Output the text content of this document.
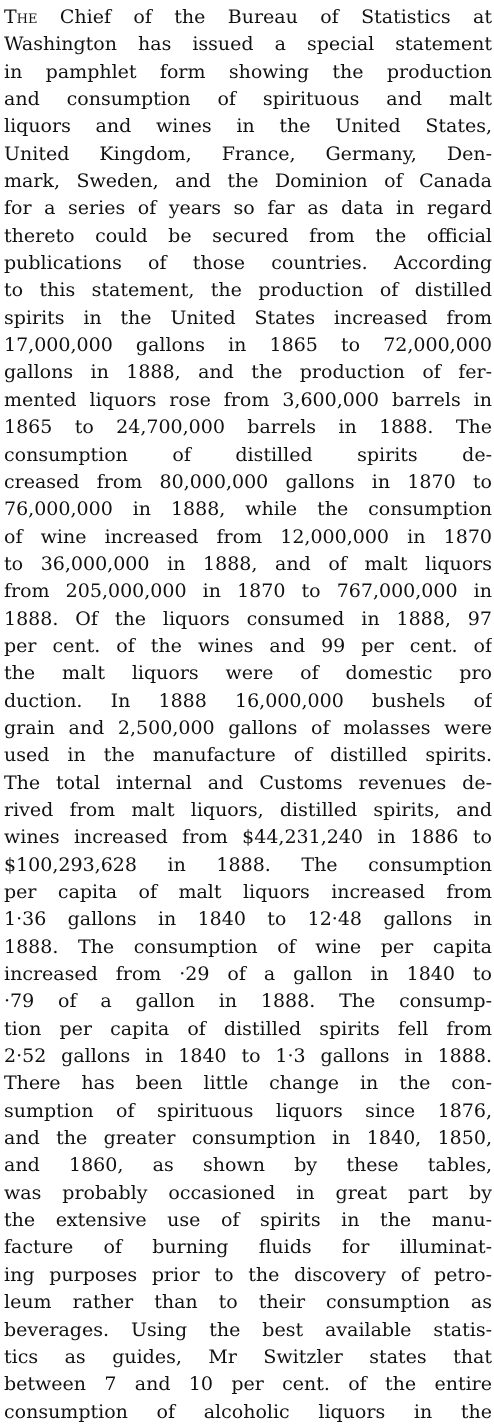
The Chief of the Bureau of Statistics at
Washington has issued a special statement
in pamphlet form showing the production
and consumption of spirituous and malt
liquors and wines in the United States,
United Kingdom, France, Germany, Den-
mark, Sweden, and the Dominion of Canada
for a series of years so far as data in regard
thereto could be secured from the official
publications of those countries. According
to this statement, the production of distilled
spirits in the United States increased from
17,000,000 gallons in 1865 to 72,000,000
gallons in 1888, and the production of fer-
mented liquors rose from 3,600,000 barrels in
1865 to 24,700,000 barrels in 1888. The
consumption of distilled spirits de-
creased from 80,000,000 gallons in 1870 to
76,000,000 in 1888, while the consumption
of wine increased from 12,000,000 in 1870
to 36,000,000 in 1888, and of malt liquors
from 205,000,000 in 1870 to 767,000,000 in
1888. Of the liquors consumed in 1888, 97
per cent. of the wines and 99 per cent. of
the malt liquors were of domestic pro
duction. In 1888 16,000,000 bushels of
grain and 2,500,000 gallons of molasses were
used in the manufacture of distilled spirits.
The total internal and Customs revenues de-
rived from malt liquors, distilled spirits, and
wines increased from $44,231,240 in 1886 to
$100,293,628 in 1888. The consumption
per capita of malt liquors increased from
1·36 gallons in 1840 to 12·48 gallons in
1888. The consumption of wine per capita
increased from ·29 of a gallon in 1840 to
·79 of a gallon in 1888. The consump-
tion per capita of distilled spirits fell from
2·52 gallons in 1840 to 1·3 gallons in 1888.
There has been little change in the con-
sumption of spirituous liquors since 1876,
and the greater consumption in 1840, 1850,
and 1860, as shown by these tables,
was probably occasioned in great part by
the extensive use of spirits in the manu-
facture of burning fluids for illuminat-
ing purposes prior to the discovery of petro-
leum rather than to their consumption as
beverages. Using the best available statis-
tics as guides, Mr Switzler states that
between 7 and 10 per cent. of the entire
consumption of alcoholic liquors in the
